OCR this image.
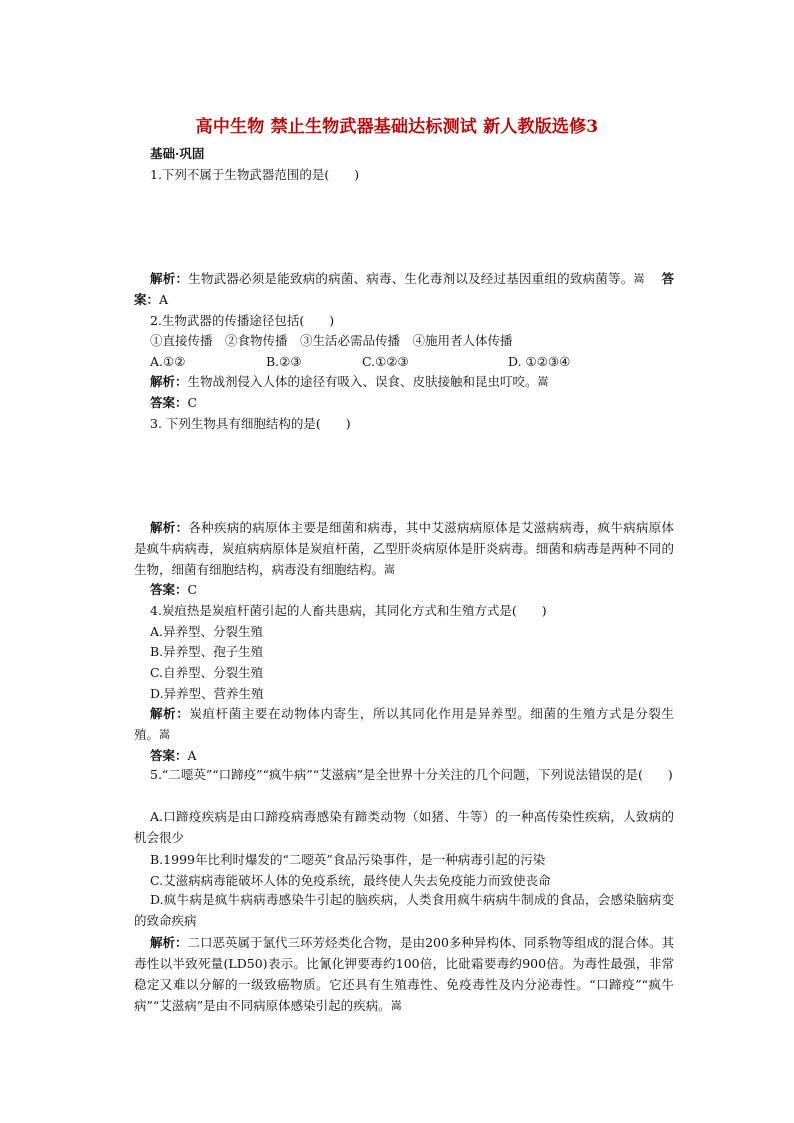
高中生物 禁止生物武器基础达标测试 新人教版选修3
基础·巩固
1.下列不属于生物武器范围的是(　　)
解析：生物武器必须是能致病的病菌、病毒、生化毒剂以及经过基因重组的致病菌等。嵩 答案：A
2.生物武器的传播途径包括(　　)
①直接传播　②食物传播　③生活必需品传播　④施用者人体传播
A.①②	B.②③	C.①②③	D. ①②③④
解析：生物战剂侵入人体的途径有吸入、误食、皮肤接触和昆虫叮咬。嵩
答案：C
3. 下列生物具有细胞结构的是(　　)
解析：各种疾病的病原体主要是细菌和病毒，其中艾滋病病原体是艾滋病病毒，疯牛病病原体是疯牛病病毒，炭疽病病原体是炭疽杆菌，乙型肝炎病原体是肝炎病毒。细菌和病毒是两种不同的生物，细菌有细胞结构，病毒没有细胞结构。嵩
答案：C
4.炭疽热是炭疽杆菌引起的人畜共患病，其同化方式和生殖方式是(　　)
A.异养型、分裂生殖
B.异养型、孢子生殖
C.自养型、分裂生殖
D.异养型、营养生殖
解析：炭疽杆菌主要在动物体内寄生，所以其同化作用是异养型。细菌的生殖方式是分裂生殖。嵩
答案：A
5.“二噁英”“口蹄疫”“疯牛病”“艾滋病”是全世界十分关注的几个问题，下列说法错误的是(　　)
A.口蹄疫疾病是由口蹄疫病毒感染有蹄类动物（如猪、牛等）的一种高传染性疾病，人致病的机会很少
B.1999年比利时爆发的“二噁英”食品污染事件，是一种病毒引起的污染
C.艾滋病病毒能破坏人体的免疫系统，最终使人失去免疫能力而致使丧命
D.疯牛病是疯牛病病毒感染牛引起的脑疾病，人类食用疯牛病病牛制成的食品，会感染脑病变的致命疾病
解析：二口恶英属于氯代三环芳烃类化合物，是由200多种异构体、同系物等组成的混合体。其毒性以半致死量(LD50)表示。比氰化钾要毒约100倍，比砒霜要毒约900倍。为毒性最强，非常稳定又难以分解的一级致癌物质。它还具有生殖毒性、免疫毒性及内分泌毒性。“口蹄疫”“疯牛病”“艾滋病”是由不同病原体感染引起的疾病。嵩
